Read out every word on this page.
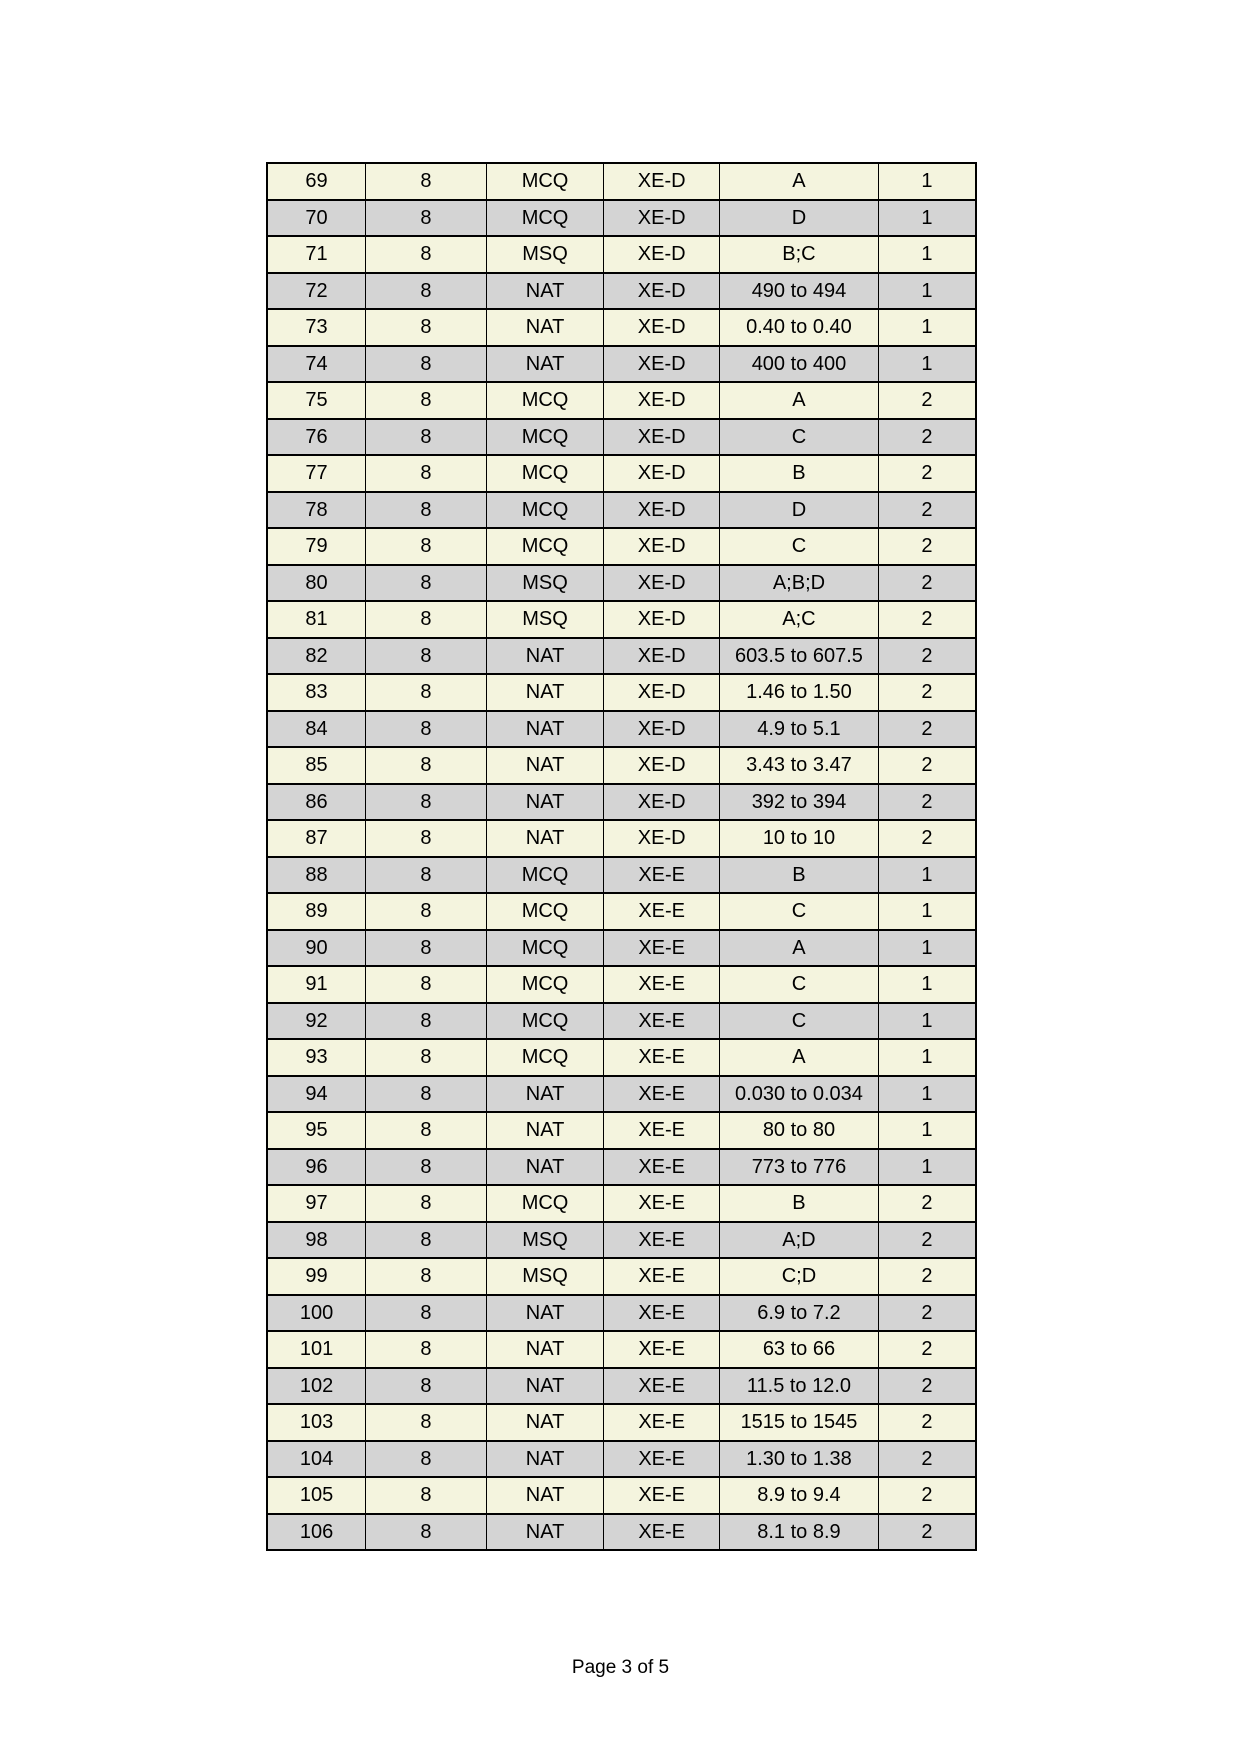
69	8	MCQ	XE-D	A	1
70	8	MCQ	XE-D	D	1
71	8	MSQ	XE-D	B;C	1
72	8	NAT	XE-D	490 to 494	1
73	8	NAT	XE-D	0.40 to 0.40	1
74	8	NAT	XE-D	400 to 400	1
75	8	MCQ	XE-D	A	2
76	8	MCQ	XE-D	C	2
77	8	MCQ	XE-D	B	2
78	8	MCQ	XE-D	D	2
79	8	MCQ	XE-D	C	2
80	8	MSQ	XE-D	A;B;D	2
81	8	MSQ	XE-D	A;C	2
82	8	NAT	XE-D	603.5 to 607.5	2
83	8	NAT	XE-D	1.46 to 1.50	2
84	8	NAT	XE-D	4.9 to 5.1	2
85	8	NAT	XE-D	3.43 to 3.47	2
86	8	NAT	XE-D	392 to 394	2
87	8	NAT	XE-D	10 to 10	2
88	8	MCQ	XE-E	B	1
89	8	MCQ	XE-E	C	1
90	8	MCQ	XE-E	A	1
91	8	MCQ	XE-E	C	1
92	8	MCQ	XE-E	C	1
93	8	MCQ	XE-E	A	1
94	8	NAT	XE-E	0.030 to 0.034	1
95	8	NAT	XE-E	80 to 80	1
96	8	NAT	XE-E	773 to 776	1
97	8	MCQ	XE-E	B	2
98	8	MSQ	XE-E	A;D	2
99	8	MSQ	XE-E	C;D	2
100	8	NAT	XE-E	6.9 to 7.2	2
101	8	NAT	XE-E	63 to 66	2
102	8	NAT	XE-E	11.5 to 12.0	2
103	8	NAT	XE-E	1515 to 1545	2
104	8	NAT	XE-E	1.30 to 1.38	2
105	8	NAT	XE-E	8.9 to 9.4	2
106	8	NAT	XE-E	8.1 to 8.9	2
Page 3 of 5
